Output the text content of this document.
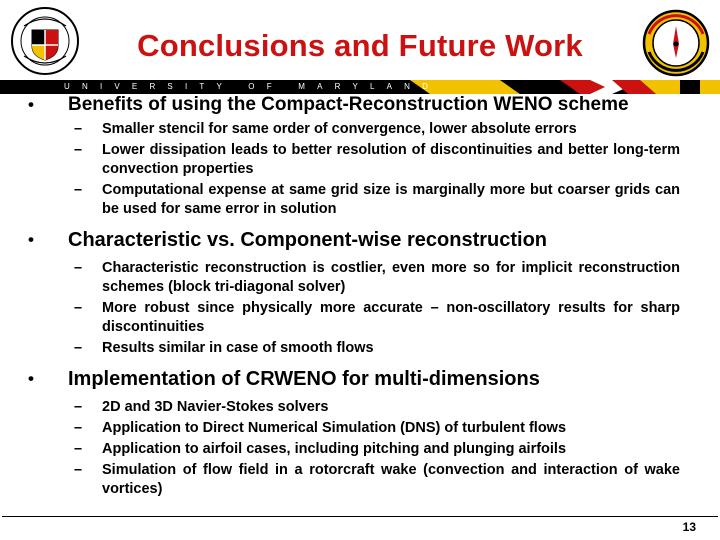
Conclusions and Future Work
UNIVERSITY OF MARYLAND
• Benefits of using the Compact-Reconstruction WENO scheme
– Smaller stencil for same order of convergence, lower absolute errors
– Lower dissipation leads to better resolution of discontinuities and better long-term convection properties
– Computational expense at same grid size is marginally more but coarser grids can be used for same error in solution
• Characteristic vs. Component-wise reconstruction
– Characteristic reconstruction is costlier, even more so for implicit reconstruction schemes (block tri-diagonal solver)
– More robust since physically more accurate – non-oscillatory results for sharp discontinuities
– Results similar in case of smooth flows
• Implementation of CRWENO for multi-dimensions
– 2D and 3D Navier-Stokes solvers
– Application to Direct Numerical Simulation (DNS) of turbulent flows
– Application to airfoil cases, including pitching and plunging airfoils
– Simulation of flow field in a rotorcraft wake (convection and interaction of wake vortices)
13
